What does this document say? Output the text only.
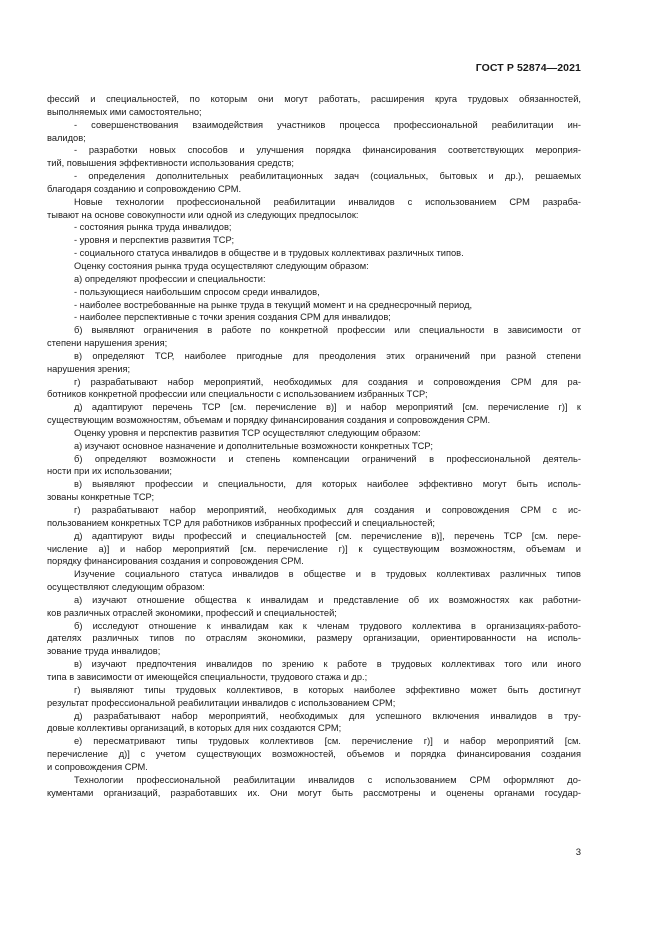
ГОСТ Р 52874—2021
фессий и специальностей, по которым они могут работать, расширения круга трудовых обязанностей,
выполняемых ими самостоятельно;
- совершенствования взаимодействия участников процесса профессиональной реабилитации ин-
валидов;
- разработки новых способов и улучшения порядка финансирования соответствующих мероприя-
тий, повышения эффективности использования средств;
- определения дополнительных реабилитационных задач (социальных, бытовых и др.), решаемых
благодаря созданию и сопровождению СРМ.
Новые технологии профессиональной реабилитации инвалидов с использованием СРМ разраба-
тывают на основе совокупности или одной из следующих предпосылок:
- состояния рынка труда инвалидов;
- уровня и перспектив развития ТСР;
- социального статуса инвалидов в обществе и в трудовых коллективах различных типов.
Оценку состояния рынка труда осуществляют следующим образом:
а) определяют профессии и специальности:
- пользующиеся наибольшим спросом среди инвалидов,
- наиболее востребованные на рынке труда в текущий момент и на среднесрочный период,
- наиболее перспективные с точки зрения создания СРМ для инвалидов;
б) выявляют ограничения в работе по конкретной профессии или специальности в зависимости от
степени нарушения зрения;
в) определяют ТСР, наиболее пригодные для преодоления этих ограничений при разной степени
нарушения зрения;
г) разрабатывают набор мероприятий, необходимых для создания и сопровождения СРМ для ра-
ботников конкретной профессии или специальности с использованием избранных ТСР;
д) адаптируют перечень ТСР [см. перечисление в)] и набор мероприятий [см. перечисление г)] к
существующим возможностям, объемам и порядку финансирования создания и сопровождения СРМ.
Оценку уровня и перспектив развития ТСР осуществляют следующим образом:
а) изучают основное назначение и дополнительные возможности конкретных ТСР;
б) определяют возможности и степень компенсации ограничений в профессиональной деятель-
ности при их использовании;
в) выявляют профессии и специальности, для которых наиболее эффективно могут быть исполь-
зованы конкретные ТСР;
г) разрабатывают набор мероприятий, необходимых для создания и сопровождения СРМ с ис-
пользованием конкретных ТСР для работников избранных профессий и специальностей;
д) адаптируют виды профессий и специальностей [см. перечисление в)], перечень ТСР [см. пере-
числение а)] и набор мероприятий [см. перечисление г)] к существующим возможностям, объемам и
порядку финансирования создания и сопровождения СРМ.
Изучение социального статуса инвалидов в обществе и в трудовых коллективах различных типов
осуществляют следующим образом:
а) изучают отношение общества к инвалидам и представление об их возможностях как работни-
ков различных отраслей экономики, профессий и специальностей;
б) исследуют отношение к инвалидам как к членам трудового коллектива в организациях-работо-
дателях различных типов по отраслям экономики, размеру организации, ориентированности на исполь-
зование труда инвалидов;
в) изучают предпочтения инвалидов по зрению к работе в трудовых коллективах того или иного
типа в зависимости от имеющейся специальности, трудового стажа и др.;
г) выявляют типы трудовых коллективов, в которых наиболее эффективно может быть достигнут
результат профессиональной реабилитации инвалидов с использованием СРМ;
д) разрабатывают набор мероприятий, необходимых для успешного включения инвалидов в тру-
довые коллективы организаций, в которых для них создаются СРМ;
е) пересматривают типы трудовых коллективов [см. перечисление г)] и набор мероприятий [см.
перечисление д)] с учетом существующих возможностей, объемов и порядка финансирования создания
и сопровождения СРМ.
Технологии профессиональной реабилитации инвалидов с использованием СРМ оформляют до-
кументами организаций, разработавших их. Они могут быть рассмотрены и оценены органами государ-
3
